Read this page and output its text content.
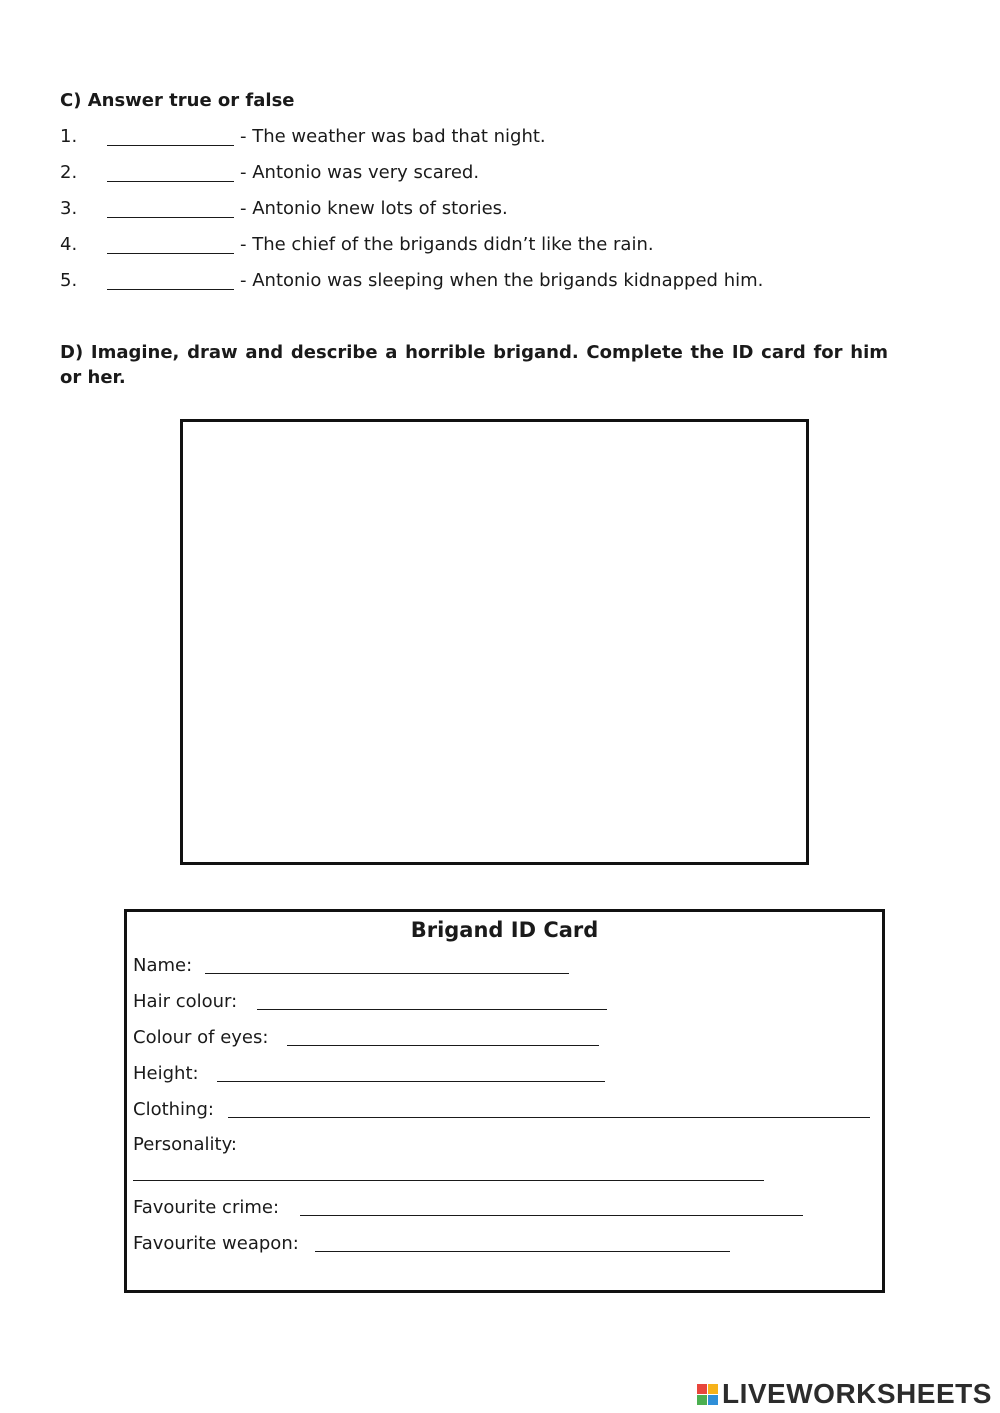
C) Answer true or false
1.	- The weather was bad that night.
2.	- Antonio was very scared.
3.	- Antonio knew lots of stories.
4.	- The chief of the brigands didn’t like the rain.
5.	- Antonio was sleeping when the brigands kidnapped him.
D) Imagine, draw and describe a horrible brigand. Complete the ID card for him or her.
Brigand ID Card
Name:
Hair colour:
Colour of eyes:
Height:
Clothing:
Personality:
Favourite crime:
Favourite weapon:
LIVEWORKSHEETS
